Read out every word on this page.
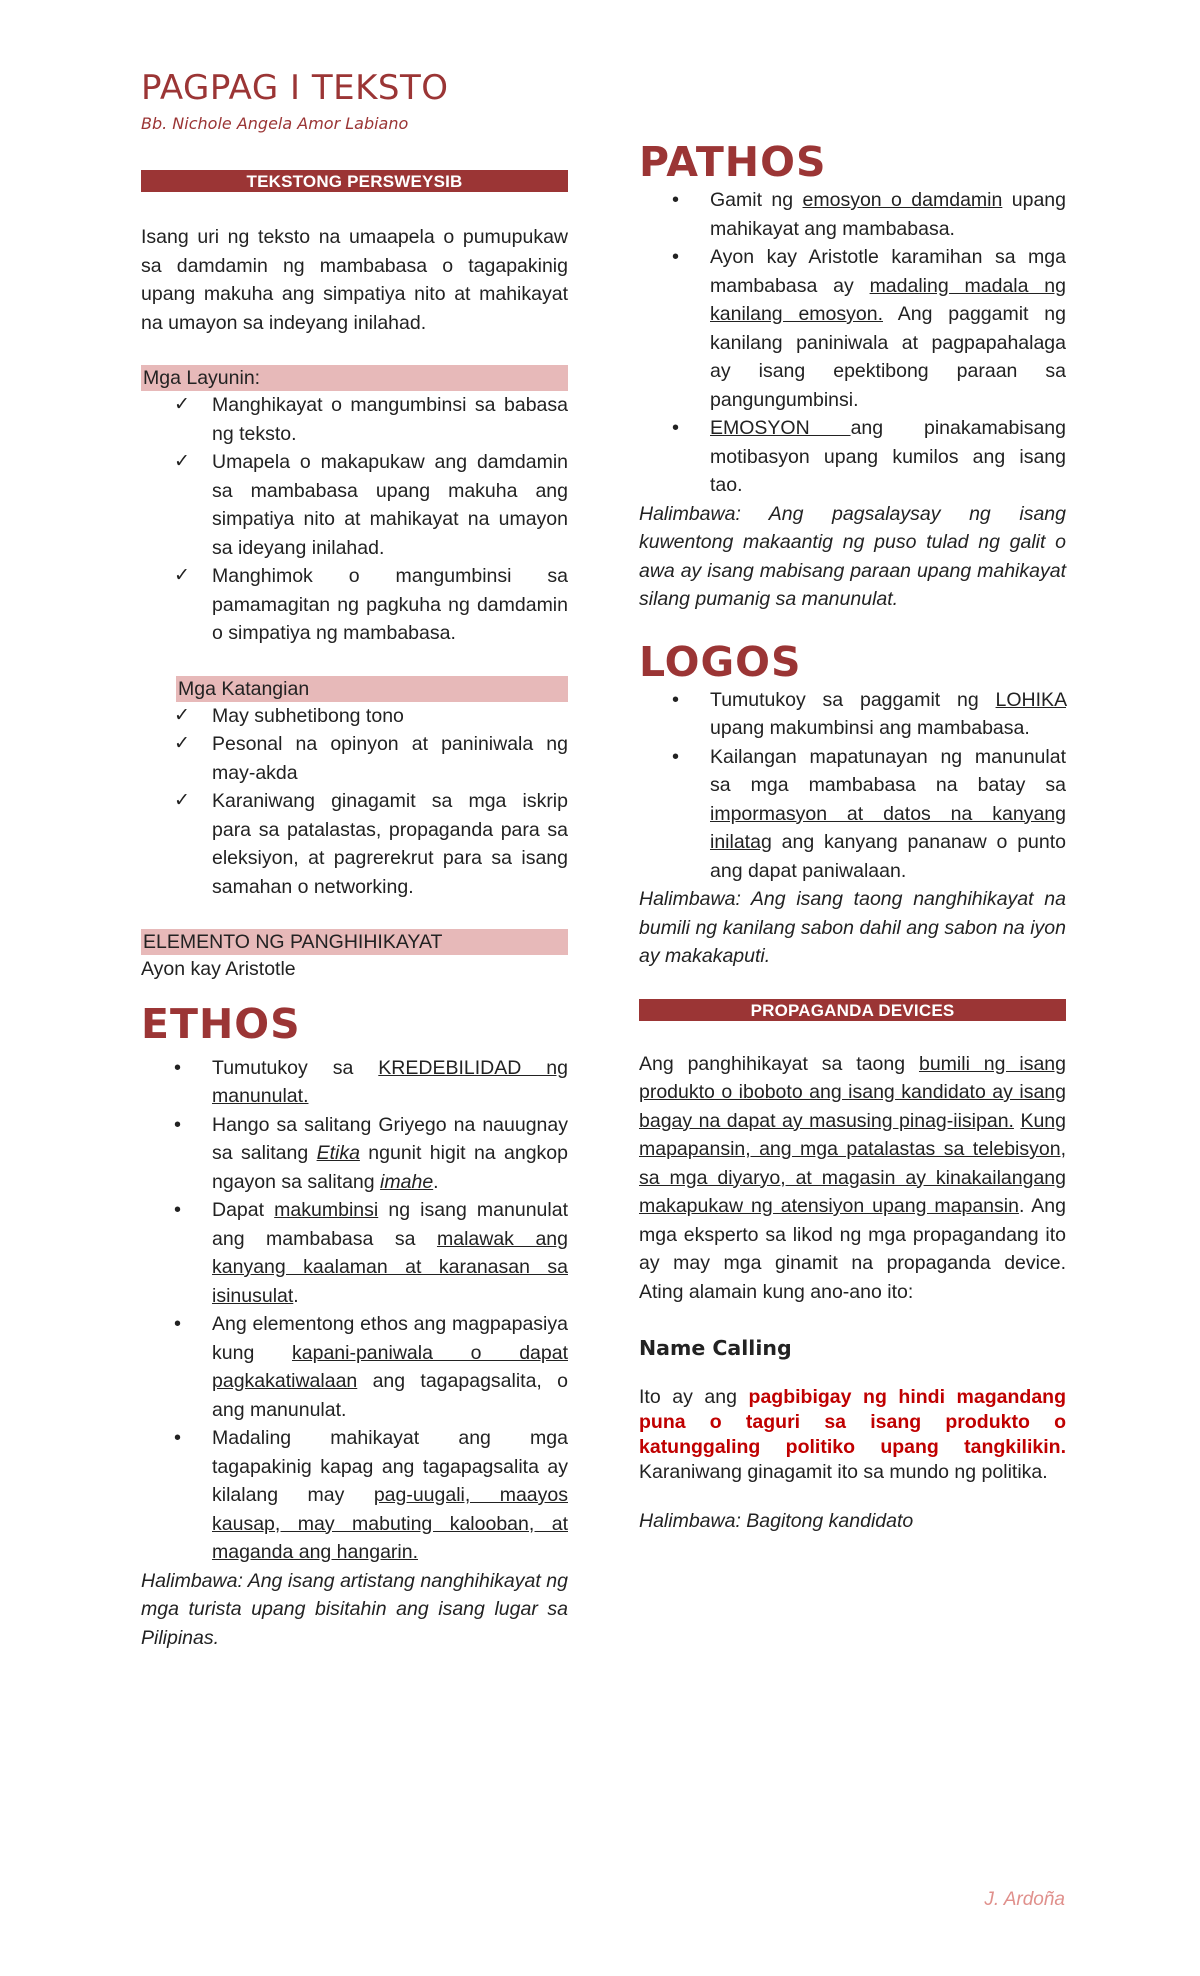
PAGPAG I TEKSTO
Bb. Nichole Angela Amor Labiano
TEKSTONG PERSWEYSIB

Isang uri ng teksto na umaapela o pumupukaw sa damdamin ng mambabasa o tagapakinig upang makuha ang simpatiya nito at mahikayat na umayon sa indeyang inilahad.

Mga Layunin:
✓ Manghikayat o mangumbinsi sa babasa ng teksto.
✓ Umapela o makapukaw ang damdamin sa mambabasa upang makuha ang simpatiya nito at mahikayat na umayon sa ideyang inilahad.
✓ Manghimok o mangumbinsi sa pamamagitan ng pagkuha ng damdamin o simpatiya ng mambabasa.
Mga Katangian
✓ May subhetibong tono
✓ Pesonal na opinyon at paniniwala ng may-akda
✓ Karaniwang ginagamit sa mga iskrip para sa patalastas, propaganda para sa eleksiyon, at pagrerekrut para sa isang samahan o networking.
ELEMENTO NG PANGHIHIKAYAT
Ayon kay Aristotle
ETHOS
• Tumutukoy sa KREDEBILIDAD ng manunulat.
• Hango sa salitang Griyego na nauugnay sa salitang Etika ngunit higit na angkop ngayon sa salitang imahe.
• Dapat makumbinsi ng isang manunulat ang mambabasa sa malawak ang kanyang kaalaman at karanasan sa isinusulat.
• Ang elementong ethos ang magpapasiya kung kapani-paniwala o dapat pagkakatiwalaan ang tagapagsalita, o ang manunulat.
• Madaling mahikayat ang mga tagapakinig kapag ang tagapagsalita ay kilalang may pag-uugali, maayos kausap, may mabuting kalooban, at maganda ang hangarin.
Halimbawa: Ang isang artistang nanghihikayat ng mga turista upang bisitahin ang isang lugar sa Pilipinas.
PATHOS
• Gamit ng emosyon o damdamin upang mahikayat ang mambabasa.
• Ayon kay Aristotle karamihan sa mga mambabasa ay madaling madala ng kanilang emosyon. Ang paggamit ng kanilang paniniwala at pagpapahalaga ay isang epektibong paraan sa pangungumbinsi.
• EMOSYON ang pinakamabisang motibasyon upang kumilos ang isang tao.
Halimbawa: Ang pagsalaysay ng isang kuwentong makaantig ng puso tulad ng galit o awa ay isang mabisang paraan upang mahikayat silang pumanig sa manunulat.
LOGOS
• Tumutukoy sa paggamit ng LOHIKA upang makumbinsi ang mambabasa.
• Kailangan mapatunayan ng manunulat sa mga mambabasa na batay sa impormasyon at datos na kanyang inilatag ang kanyang pananaw o punto ang dapat paniwalaan.
Halimbawa: Ang isang taong nanghihikayat na bumili ng kanilang sabon dahil ang sabon na iyon ay makakaputi.
PROPAGANDA DEVICES

Ang panghihikayat sa taong bumili ng isang produkto o iboboto ang isang kandidato ay isang bagay na dapat ay masusing pinag-iisipan. Kung mapapansin, ang mga patalastas sa telebisyon, sa mga diyaryo, at magasin ay kinakailangang makapukaw ng atensiyon upang mapansin. Ang mga eksperto sa likod ng mga propagandang ito ay may mga ginamit na propaganda device. Ating alamain kung ano-ano ito:

Name Calling

Ito ay ang pagbibigay ng hindi magandang puna o taguri sa isang produkto o katunggaling politiko upang tangkilikin. Karaniwang ginagamit ito sa mundo ng politika.

Halimbawa: Bagitong kandidato
J. Ardoña
